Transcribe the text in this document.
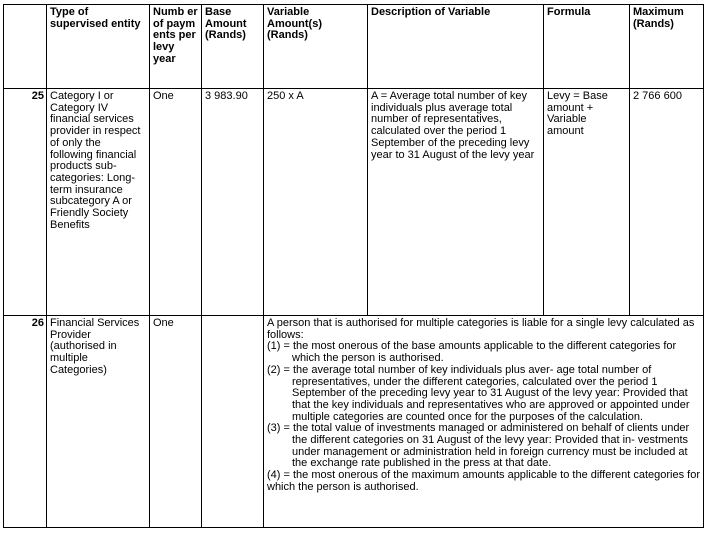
	Type of supervised entity	Numb er of paym ents per levy year	Base Amount (Rands)	Variable Amount(s) (Rands)	Description of Variable	Formula	Maximum (Rands)
25	Category I or Category IV financial services provider in respect of only the following financial products sub-categories: Long-term insurance subcategory A or Friendly Society Benefits	One	3 983.90	250 x A	A = Average total number of key individuals plus average total number of representatives, calculated over the period 1 September of the preceding levy year to 31 August of the levy year	Levy = Base amount + Variable amount	2 766 600
26	Financial Services Provider (authorised in multiple Categories)	One		A person that is authorised for multiple categories is liable for a single levy calculated as follows:

(1) = the most onerous of the base amounts applicable to the different categories for which the person is authorised.

(2) = the average total number of key individuals plus aver- age total number of representatives, under the different categories, calculated over the period 1 September of the preceding levy year to 31 August of the levy year: Provided that that the key individuals and representatives who are approved or appointed under multiple categories are counted once for the purposes of the calculation.

(3) = the total value of investments managed or administered on behalf of clients under the different categories on 31 August of the levy year: Provided that in- vestments under management or administration held in foreign currency must be included at the exchange rate published in the press at that date.

(4) = the most onerous of the maximum amounts applicable to the different categories for which the person is authorised.			
